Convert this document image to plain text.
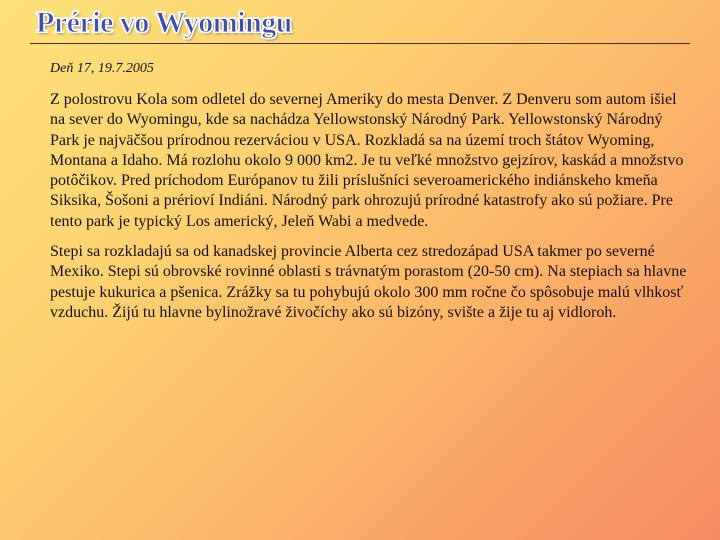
Prérie vo Wyomingu
Deň 17, 19.7.2005

Z polostrovu Kola som odletel do severnej Ameriky do mesta Denver. Z Denveru som autom išiel na sever do Wyomingu, kde sa nachádza Yellowstonský Národný Park. Yellowstonský Národný Park je najväčšou prírodnou rezerváciou v USA. Rozkladá sa na území troch štátov Wyoming, Montana a Idaho. Má rozlohu okolo 9 000 km2. Je tu veľké množstvo gejzírov, kaskád a množstvo potôčikov. Pred príchodom Európanov tu žili príslušníci severoamerického indiánskeho kmeňa Siksika, Šošoni a prérioví Indiáni. Národný park ohrozujú prírodné katastrofy ako sú požiare. Pre tento park je typický Los americký, Jeleň Wabi a medvede.

Stepi sa rozkladajú sa od kanadskej provincie Alberta cez stredozápad USA takmer po severné Mexiko. Stepi sú obrovské rovinné oblasti s trávnatým porastom (20-50 cm). Na stepiach sa hlavne pestuje kukurica a pšenica. Zrážky sa tu pohybujú okolo 300 mm ročne čo spôsobuje malú vlhkosť vzduchu. Žijú tu hlavne bylinožravé živočíchy ako sú bizóny, svište a žije tu aj vidloroh.
